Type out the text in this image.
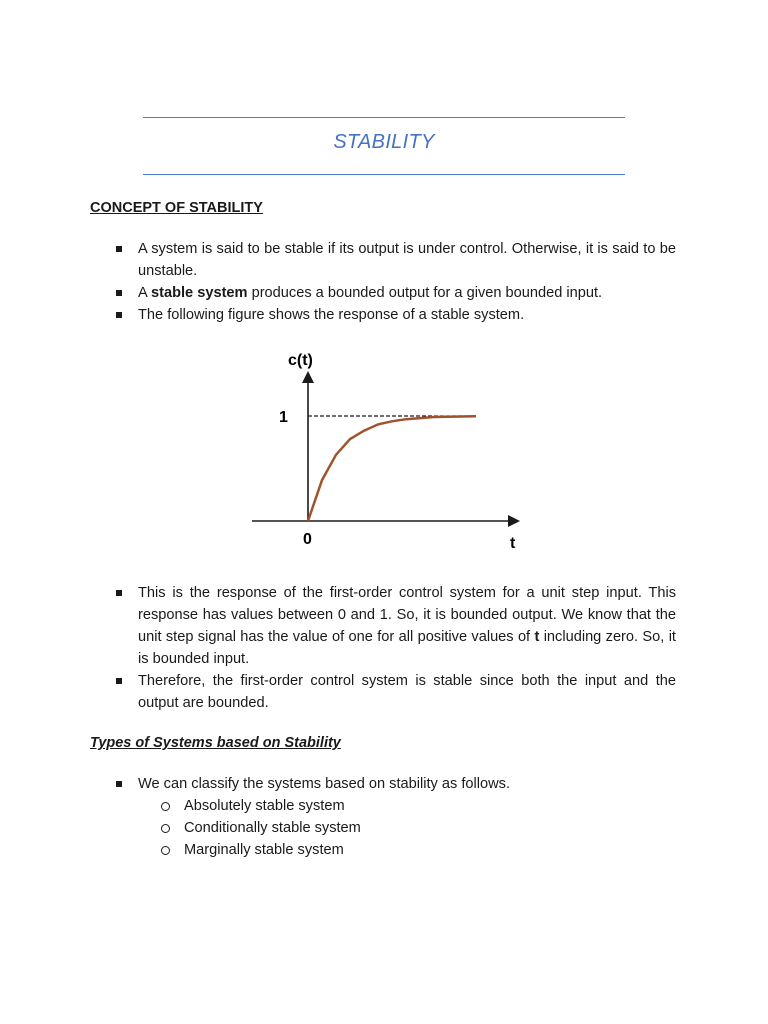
STABILITY
CONCEPT OF STABILITY
A system is said to be stable if its output is under control. Otherwise, it is said to be unstable.
A stable system produces a bounded output for a given bounded input.
The following figure shows the response of a stable system.
c(t)
t
0
1
This is the response of the first-order control system for a unit step input. This response has values between 0 and 1. So, it is bounded output. We know that the unit step signal has the value of one for all positive values of t including zero. So, it is bounded input.
Therefore, the first-order control system is stable since both the input and the output are bounded.
Types of Systems based on Stability
We can classify the systems based on stability as follows.
Absolutely stable system
Conditionally stable system
Marginally stable system
